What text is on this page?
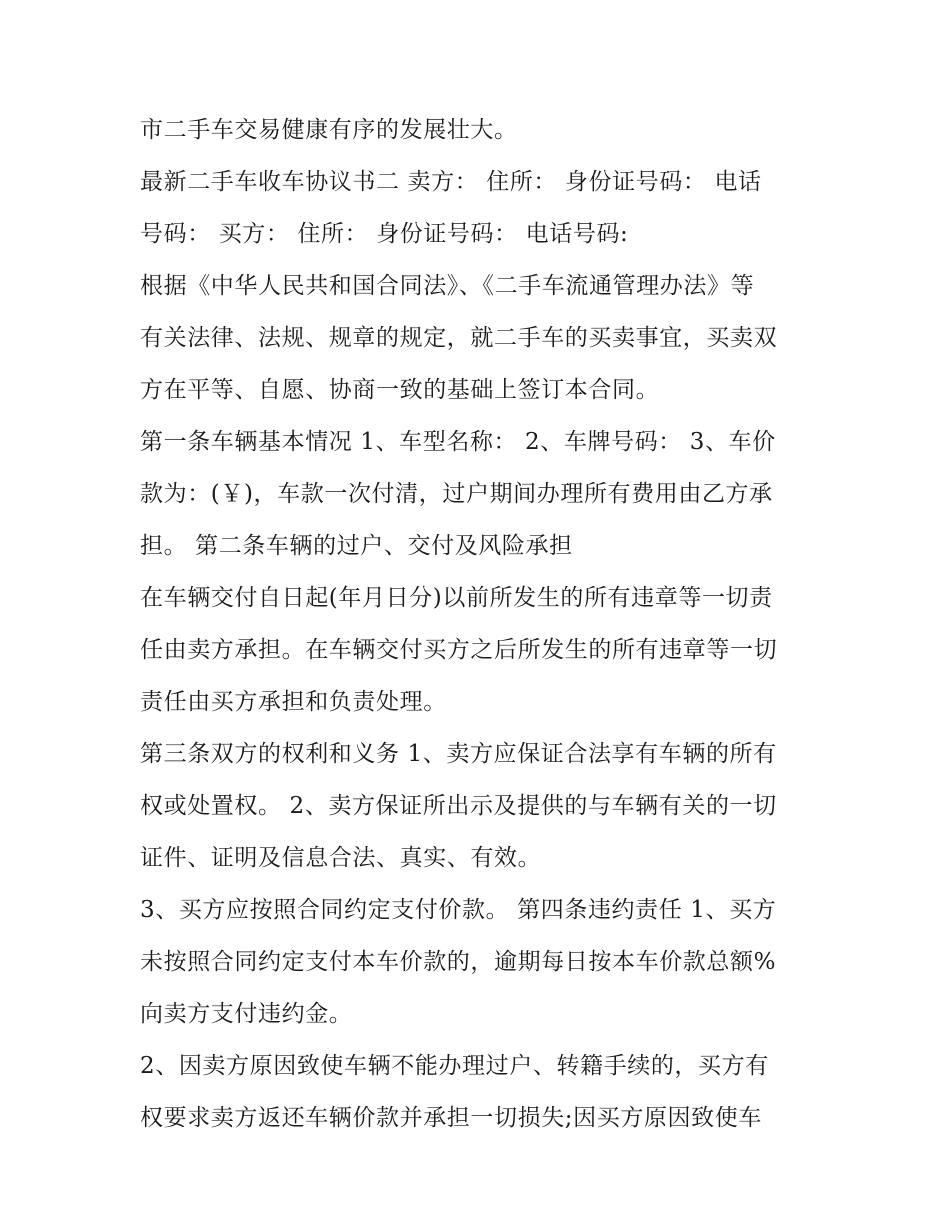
市二手车交易健康有序的发展壮大。
最新二手车收车协议书二 卖方： 住所： 身份证号码： 电话
号码： 买方： 住所： 身份证号码： 电话号码:
根据《中华人民共和国合同法》、《二手车流通管理办法》等
有关法律、法规、规章的规定，就二手车的买卖事宜，买卖双
方在平等、自愿、协商一致的基础上签订本合同。
第一条车辆基本情况 1、车型名称： 2、车牌号码： 3、车价
款为：(￥)，车款一次付清，过户期间办理所有费用由乙方承
担。 第二条车辆的过户、交付及风险承担
在车辆交付自日起(年月日分)以前所发生的所有违章等一切责
任由卖方承担。在车辆交付买方之后所发生的所有违章等一切
责任由买方承担和负责处理。
第三条双方的权利和义务 1、卖方应保证合法享有车辆的所有
权或处置权。 2、卖方保证所出示及提供的与车辆有关的一切
证件、证明及信息合法、真实、有效。
3、买方应按照合同约定支付价款。 第四条违约责任 1、买方
未按照合同约定支付本车价款的，逾期每日按本车价款总额%
向卖方支付违约金。
2、因卖方原因致使车辆不能办理过户、转籍手续的，买方有
权要求卖方返还车辆价款并承担一切损失;因买方原因致使车
